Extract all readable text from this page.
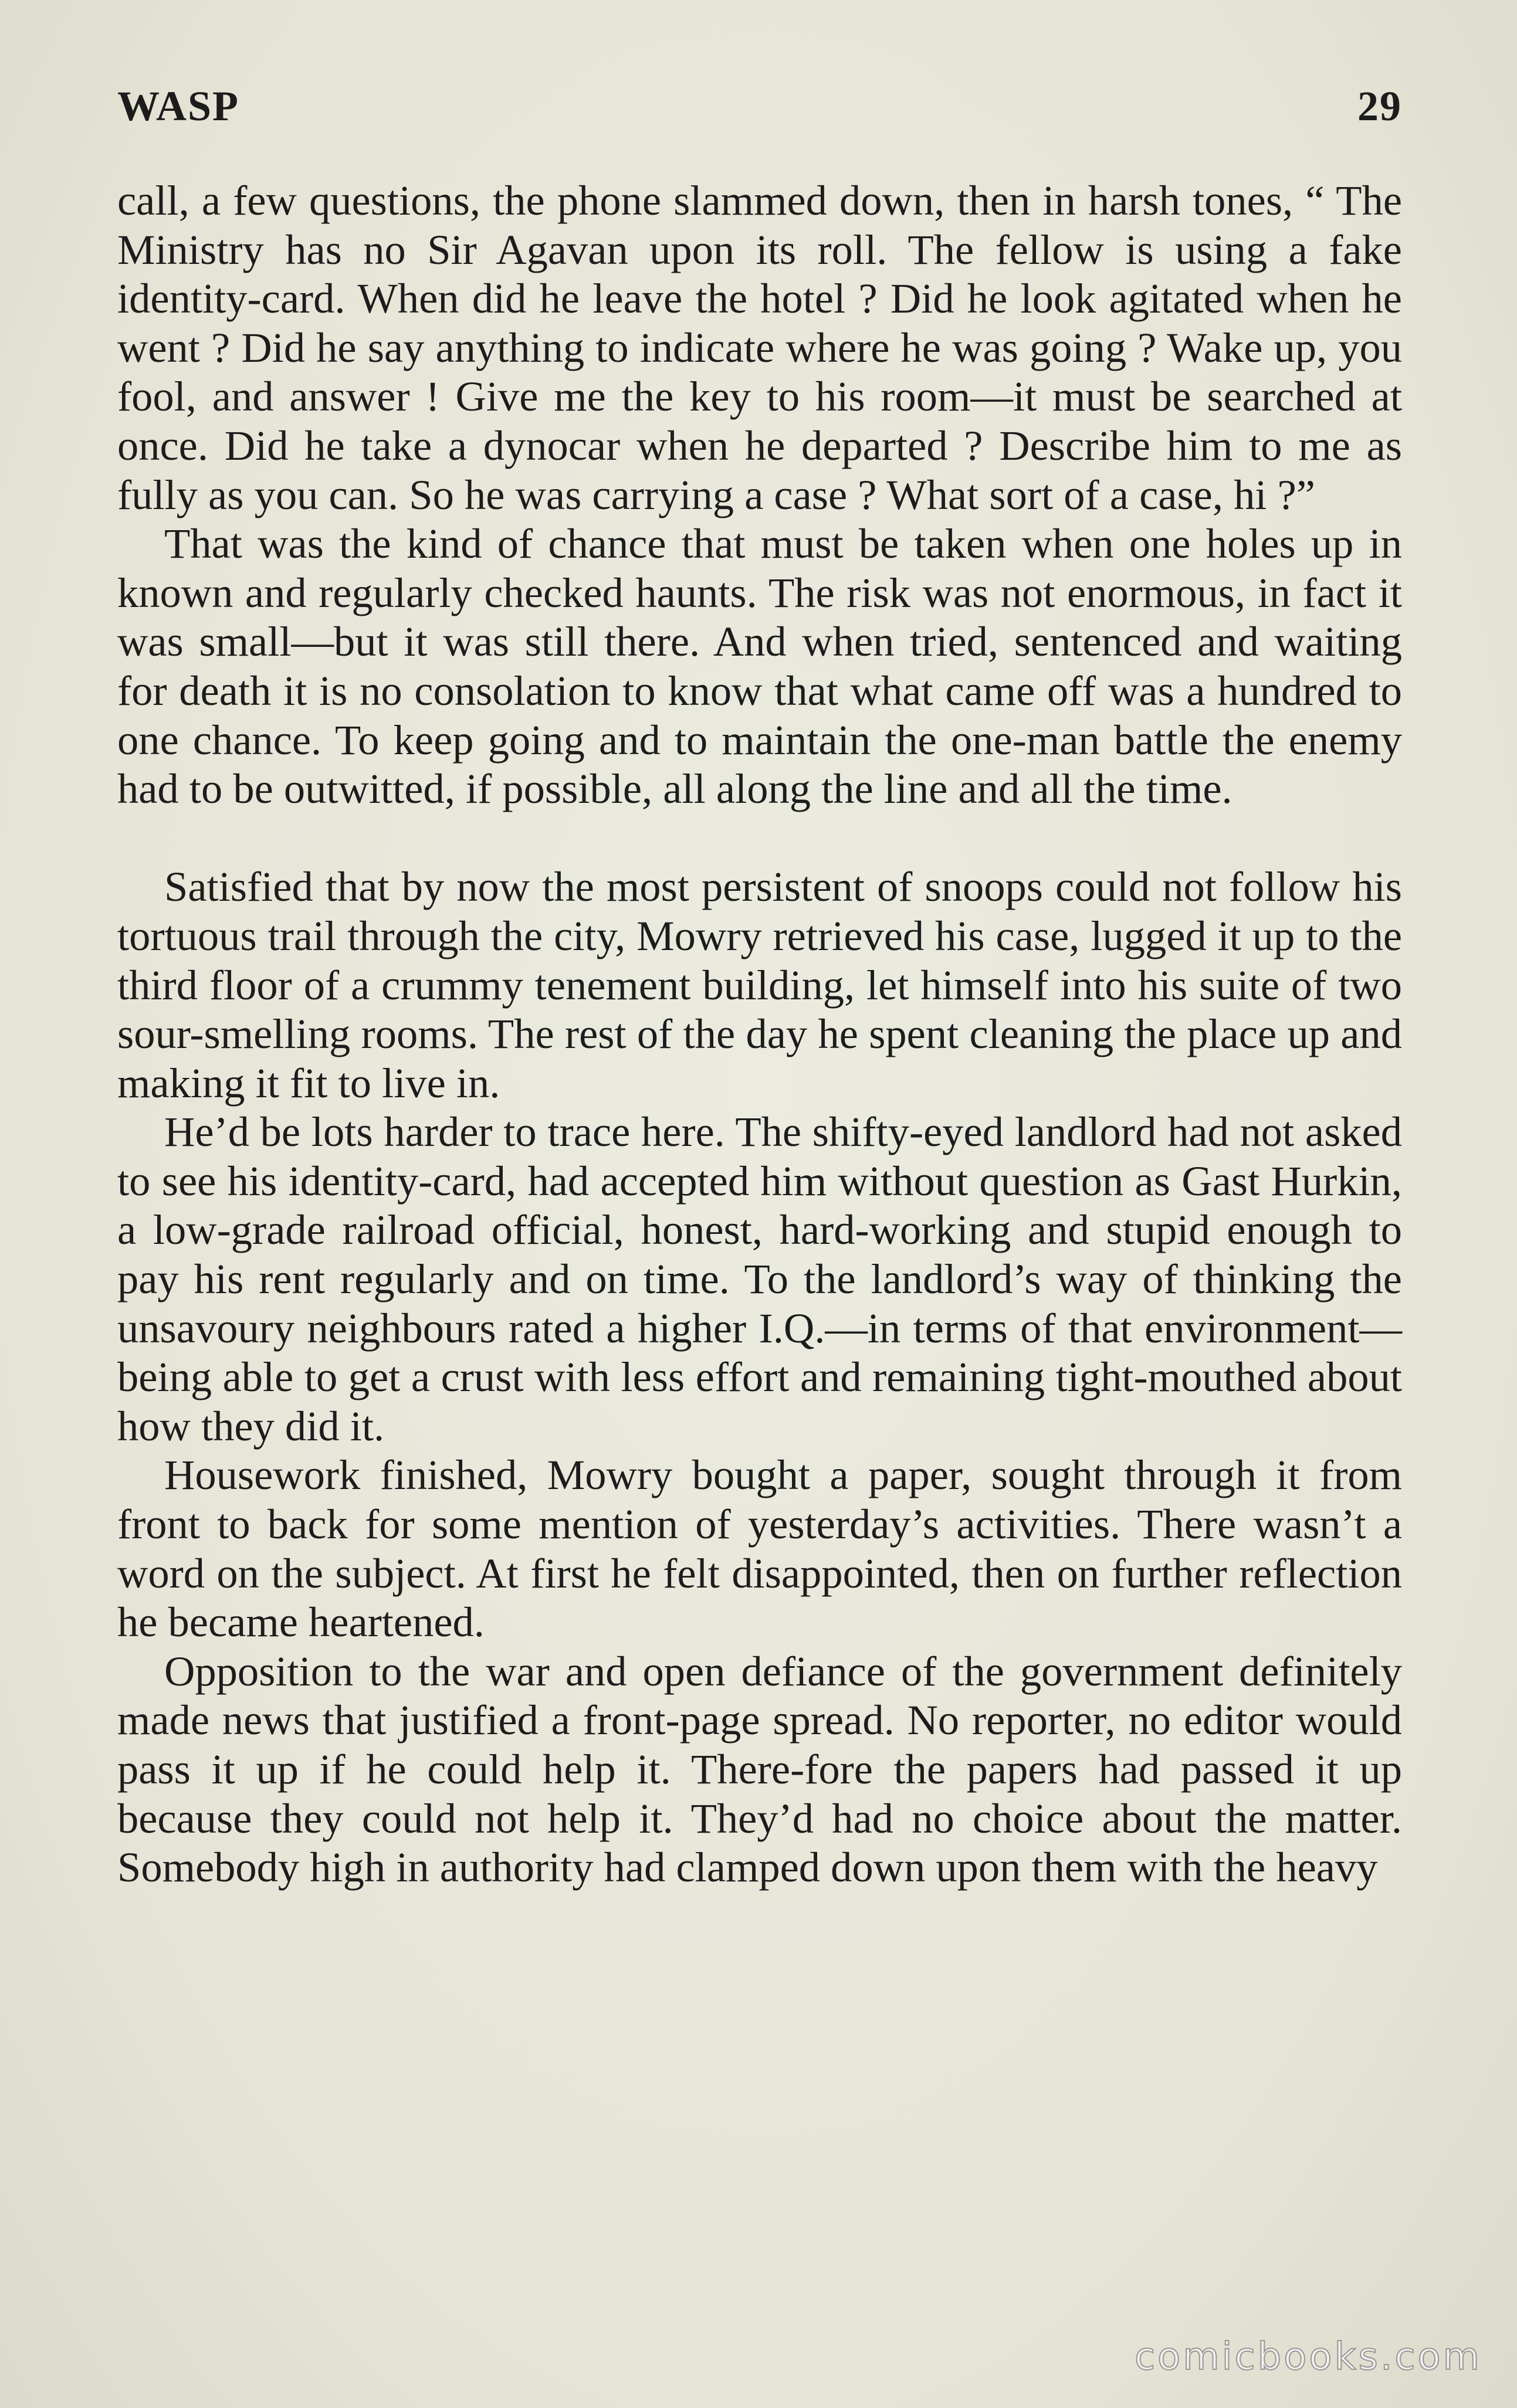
WASP	29

call, a few questions, the phone slammed down, then in harsh tones, “ The Ministry has no Sir Agavan upon its roll. The fellow is using a fake identity-card. When did he leave the hotel ? Did he look agitated when he went ? Did he say anything to indicate where he was going ? Wake up, you fool, and answer ! Give me the key to his room—it must be searched at once. Did he take a dynocar when he departed ? Describe him to me as fully as you can. So he was carrying a case ? What sort of a case, hi ?”

That was the kind of chance that must be taken when one holes up in known and regularly checked haunts. The risk was not enormous, in fact it was small—but it was still there. And when tried, sentenced and waiting for death it is no consolation to know that what came off was a hundred to one chance. To keep going and to maintain the one-man battle the enemy had to be outwitted, if possible, all along the line and all the time.

Satisfied that by now the most persistent of snoops could not follow his tortuous trail through the city, Mowry retrieved his case, lugged it up to the third floor of a crummy tenement building, let himself into his suite of two sour-smelling rooms. The rest of the day he spent cleaning the place up and making it fit to live in.

He’d be lots harder to trace here. The shifty-eyed landlord had not asked to see his identity-card, had accepted him without question as Gast Hurkin, a low-grade railroad official, honest, hard-working and stupid enough to pay his rent regularly and on time. To the landlord’s way of thinking the unsavoury neighbours rated a higher I.Q.—in terms of that environment—being able to get a crust with less effort and remaining tight-mouthed about how they did it.

Housework finished, Mowry bought a paper, sought through it from front to back for some mention of yesterday’s activities. There wasn’t a word on the subject. At first he felt disappointed, then on further reflection he became heartened.

Opposition to the war and open defiance of the government definitely made news that justified a front-page spread. No reporter, no editor would pass it up if he could help it. There-fore the papers had passed it up because they could not help it. They’d had no choice about the matter. Somebody high in authority had clamped down upon them with the heavy

comicbooks.com
